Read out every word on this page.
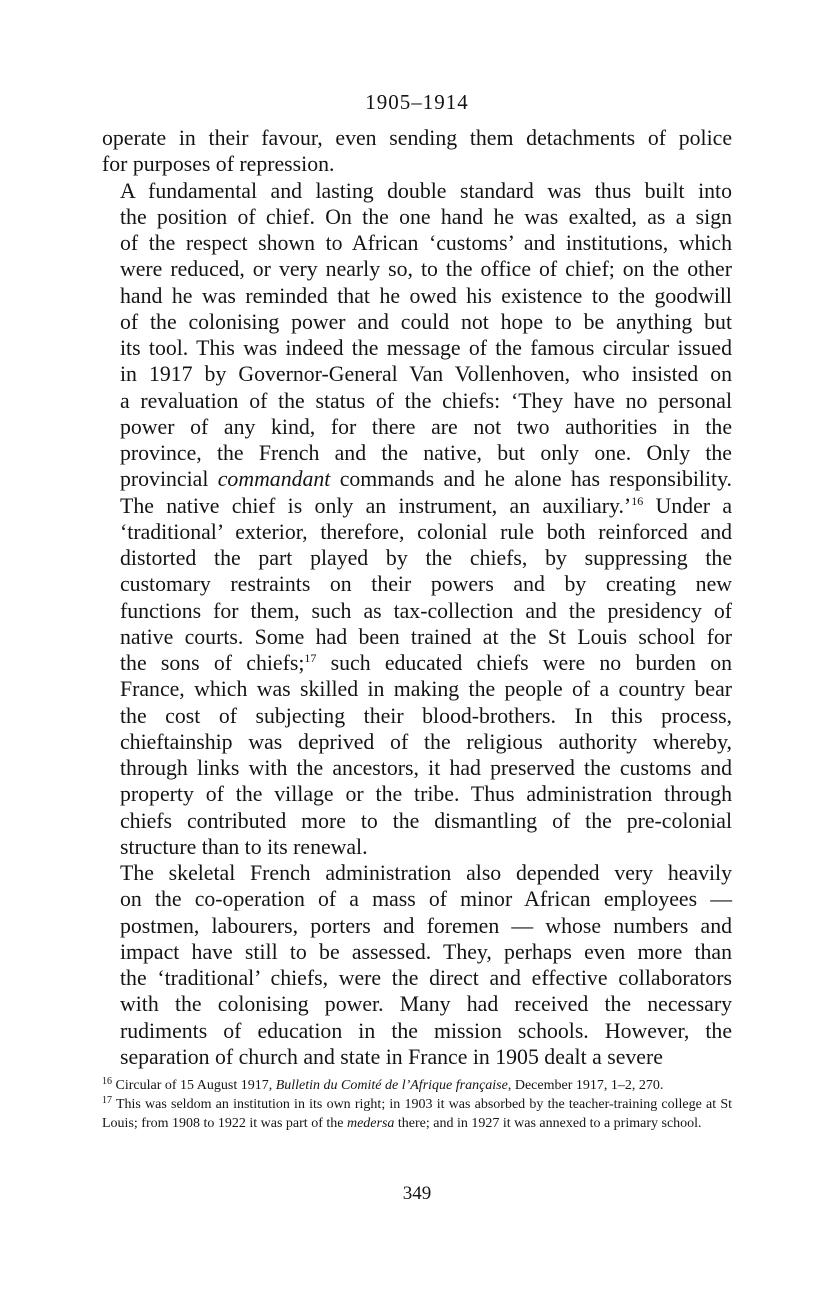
1905–1914

operate in their favour, even sending them detachments of police
for purposes of repression.

A fundamental and lasting double standard was thus built into
the position of chief. On the one hand he was exalted, as a sign
of the respect shown to African ‘customs’ and institutions, which
were reduced, or very nearly so, to the office of chief; on the other
hand he was reminded that he owed his existence to the goodwill
of the colonising power and could not hope to be anything but
its tool. This was indeed the message of the famous circular issued
in 1917 by Governor-General Van Vollenhoven, who insisted on
a revaluation of the status of the chiefs: ‘They have no personal
power of any kind, for there are not two authorities in the
province, the French and the native, but only one. Only the
provincial commandant commands and he alone has responsibility.
The native chief is only an instrument, an auxiliary.’$^{16}$ Under a
‘traditional’ exterior, therefore, colonial rule both reinforced and
distorted the part played by the chiefs, by suppressing the
customary restraints on their powers and by creating new
functions for them, such as tax-collection and the presidency of
native courts. Some had been trained at the St Louis school for
the sons of chiefs;$^{17}$ such educated chiefs were no burden on
France, which was skilled in making the people of a country bear
the cost of subjecting their blood-brothers. In this process,
chieftainship was deprived of the religious authority whereby,
through links with the ancestors, it had preserved the customs and
property of the village or the tribe. Thus administration through
chiefs contributed more to the dismantling of the pre-colonial
structure than to its renewal.

The skeletal French administration also depended very heavily
on the co-operation of a mass of minor African employees —
postmen, labourers, porters and foremen — whose numbers and
impact have still to be assessed. They, perhaps even more than
the ‘traditional’ chiefs, were the direct and effective collaborators
with the colonising power. Many had received the necessary
rudiments of education in the mission schools. However, the
separation of church and state in France in 1905 dealt a severe

$^{16}$ Circular of 15 August 1917, Bulletin du Comité de l’Afrique française, December 1917, 1–2, 270.

$^{17}$ This was seldom an institution in its own right; in 1903 it was absorbed by the teacher-training college at St Louis; from 1908 to 1922 it was part of the medersa there; and in 1927 it was annexed to a primary school.

349
